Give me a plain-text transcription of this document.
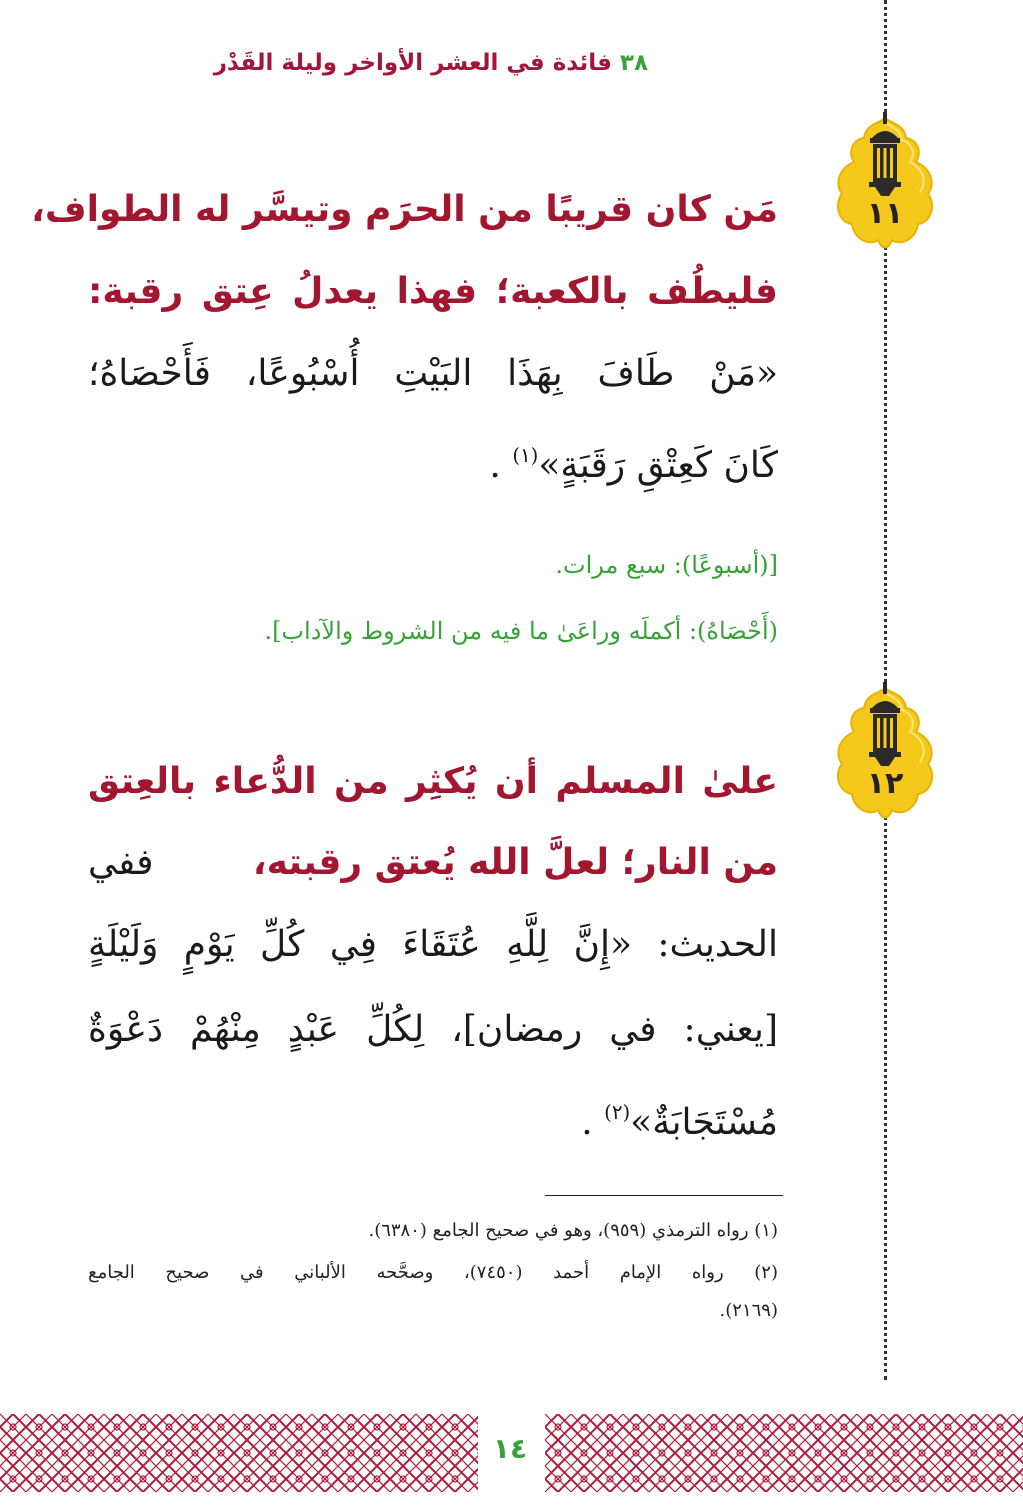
٣٨ فائدة في العشر الأواخر وليلة القَدْر
١١
مَن كان قريبًا من الحرَم وتيسَّر له الطواف،
فليطُف بالكعبة؛ فهذا يعدلُ عِتق رقبة:
«مَنْ طَافَ بِهَذَا البَيْتِ أُسْبُوعًا، فَأَحْصَاهُ؛
كَانَ كَعِتْقِ رَقَبَةٍ»$^{(١)}$ .
[(أسبوعًا): سبع مرات.
(أَحْصَاهُ): أكملَه وراعَىٰ ما فيه من الشروط والآداب].
١٢
علىٰ المسلم أن يُكثِر من الدُّعاء بالعِتق
من النار؛ لعلَّ الله يُعتق رقبته،
ففي
الحديث: «إِنَّ لِلَّهِ عُتَقَاءَ فِي كُلِّ يَوْمٍ وَلَيْلَةٍ
[يعني: في رمضان]، لِكُلِّ عَبْدٍ مِنْهُمْ دَعْوَةٌ
مُسْتَجَابَةٌ»$^{(٢)}$ .
(١) رواه الترمذي (٩٥٩)، وهو في صحيح الجامع (٦٣٨٠).
(٢) رواه الإمام أحمد (٧٤٥٠)، وصحَّحه الألباني في صحيح الجامع
(٢١٦٩).
١٤
